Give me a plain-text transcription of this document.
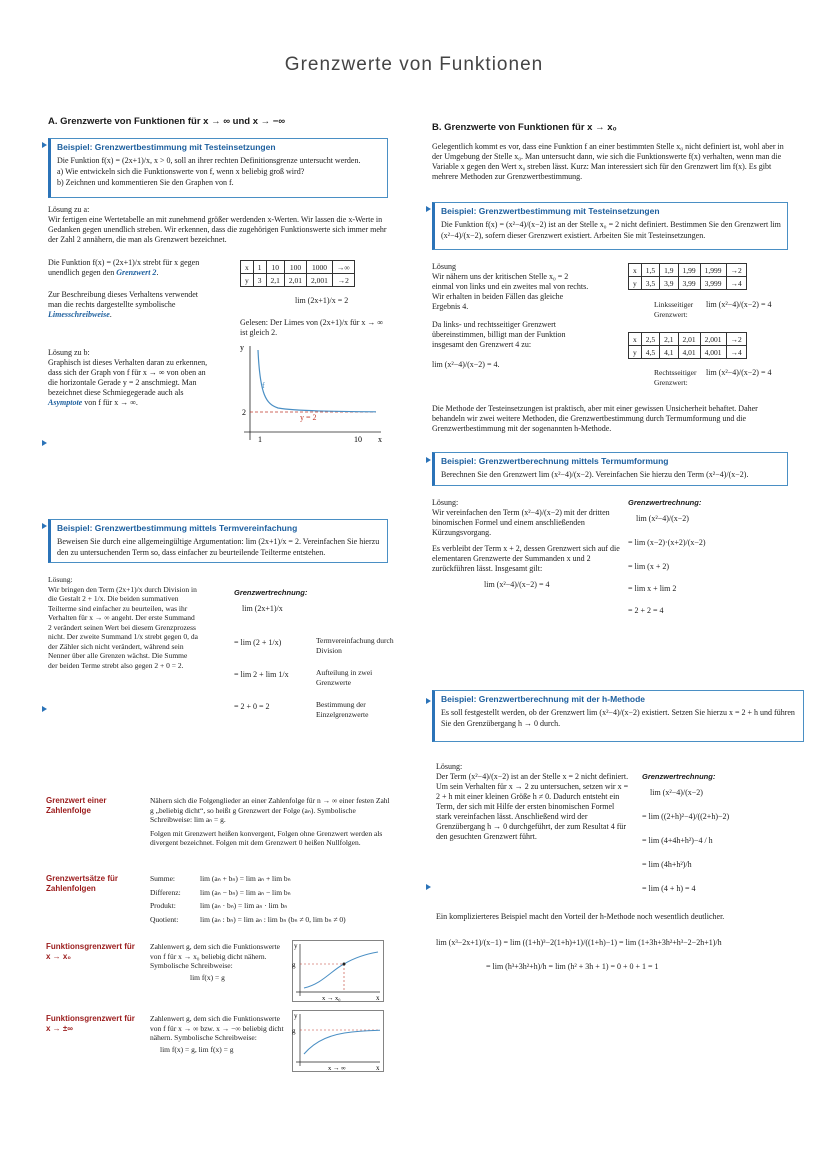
Grenzwerte von Funktionen
A. Grenzwerte von Funktionen für x → ∞ und x → −∞
Beispiel: Grenzwertbestimmung mit Testeinsetzungen
Die Funktion f(x) = (2x+1)/x, x > 0, soll an ihrer rechten Definitionsgrenze untersucht werden.
a) Wie entwickeln sich die Funktionswerte von f, wenn x beliebig groß wird?
b) Zeichnen und kommentieren Sie den Graphen von f.
Lösung zu a:
Wir fertigen eine Wertetabelle an mit zunehmend größer werdenden x-Werten. Wir lassen die x-Werte in Gedanken gegen unendlich streben. Wir erkennen, dass die zugehörigen Funktionswerte sich immer mehr der Zahl 2 annähern, die man als Grenzwert bezeichnet.
Die Funktion f(x) = (2x+1)/x strebt für x gegen unendlich gegen den Grenzwert 2.
Zur Beschreibung dieses Verhaltens verwendet man die rechts dargestellte symbolische Limesschreibweise.
x	1	10	100	1000	→∞
y	3	2,1	2,01	2,001	→2
lim (2x+1)/x = 2
Gelesen: Der Limes von (2x+1)/x für x → ∞ ist gleich 2.
Lösung zu b:
Graphisch ist dieses Verhalten daran zu erkennen, dass sich der Graph von f für x → ∞ von oben an die horizontale Gerade y = 2 anschmiegt. Man bezeichnet diese Schmiegegerade auch als Asymptote von f für x → ∞.
y
x
f
y = 2
2
1	10
Beispiel: Grenzwertbestimmung mittels Termvereinfachung
Beweisen Sie durch eine allgemeingültige Argumentation: lim (2x+1)/x = 2. Vereinfachen Sie hierzu den zu untersuchenden Term so, dass einfacher zu beurteilende Teilterme entstehen.
Lösung:
Wir bringen den Term (2x+1)/x durch Division in die Gestalt 2 + 1/x. Die beiden summativen Teilterme sind einfacher zu beurteilen, was ihr Verhalten für x → ∞ angeht. Der erste Summand 2 verändert seinen Wert bei diesem Grenzprozess nicht. Der zweite Summand 1/x strebt gegen 0, da der Zähler sich nicht verändert, während sein Nenner über alle Grenzen wächst. Die Summe der beiden Terme strebt also gegen 2 + 0 = 2.
Grenzwertrechnung:
lim (2x+1)/x
= lim (2 + 1/x)
= lim 2 + lim 1/x
= 2 + 0 = 2
Termvereinfachung durch Division
Aufteilung in zwei Grenzwerte
Bestimmung der Einzelgrenzwerte
Grenzwert einer Zahlenfolge
Nähern sich die Folgenglieder an einer Zahlenfolge für n → ∞ einer festen Zahl g „beliebig dicht“, so heißt g Grenzwert der Folge (aₙ). Symbolische Schreibweise: lim aₙ = g.
Folgen mit Grenzwert heißen konvergent, Folgen ohne Grenzwert werden als divergent bezeichnet. Folgen mit dem Grenzwert 0 heißen Nullfolgen.
Grenzwertsätze für Zahlenfolgen
Summe:	lim (aₙ + bₙ) = lim aₙ + lim bₙ
Differenz:	lim (aₙ − bₙ) = lim aₙ − lim bₙ
Produkt:	lim (aₙ · bₙ) = lim aₙ · lim bₙ
Quotient:	lim (aₙ : bₙ) = lim aₙ : lim bₙ (bₙ ≠ 0, lim bₙ ≠ 0)
Funktionsgrenzwert für x → x₀
Zahlenwert g, dem sich die Funktionswerte von f für x → x₀ beliebig dicht nähern. Symbolische Schreibweise:
lim f(x) = g
g
y
x
x → x₀
Funktionsgrenzwert für x → ±∞
Zahlenwert g, dem sich die Funktionswerte von f für x → ∞ bzw. x → −∞ beliebig dicht nähern. Symbolische Schreibweise:
lim f(x) = g, lim f(x) = g
g
y
x
x → ∞
B. Grenzwerte von Funktionen für x → x₀
Gelegentlich kommt es vor, dass eine Funktion f an einer bestimmten Stelle x₀ nicht definiert ist, wohl aber in der Umgebung der Stelle x₀. Man untersucht dann, wie sich die Funktionswerte f(x) verhalten, wenn man die Variable x gegen den Wert x₀ streben lässt. Kurz: Man interessiert sich für den Grenzwert lim f(x). Es gibt mehrere Methoden zur Grenzwertbestimmung.
Beispiel: Grenzwertbestimmung mit Testeinsetzungen
Die Funktion f(x) = (x²−4)/(x−2) ist an der Stelle x₀ = 2 nicht definiert. Bestimmen Sie den Grenzwert lim (x²−4)/(x−2), sofern dieser Grenzwert existiert. Arbeiten Sie mit Testeinsetzungen.
Lösung
Wir nähern uns der kritischen Stelle x₀ = 2 einmal von links und ein zweites mal von rechts. Wir erhalten in beiden Fällen das gleiche Ergebnis 4.
Da links- und rechtsseitiger Grenzwert übereinstimmen, billigt man der Funktion insgesamt den Grenzwert 4 zu:
lim (x²−4)/(x−2) = 4.
x	1,5	1,9	1,99	1,999	→2
y	3,5	3,9	3,99	3,999	→4
Linksseitiger Grenzwert:
lim (x²−4)/(x−2) = 4
x	2,5	2,1	2,01	2,001	→2
y	4,5	4,1	4,01	4,001	→4
Rechtsseitiger Grenzwert:
lim (x²−4)/(x−2) = 4
Die Methode der Testeinsetzungen ist praktisch, aber mit einer gewissen Unsicherheit behaftet. Daher behandeln wir zwei weitere Methoden, die Grenzwertbestimmung durch Termumformung und die Grenzwertbestimmung mit der sogenannten h-Methode.
Beispiel: Grenzwertberechnung mittels Termumformung
Berechnen Sie den Grenzwert lim (x²−4)/(x−2). Vereinfachen Sie hierzu den Term (x²−4)/(x−2).
Lösung:
Wir vereinfachen den Term (x²−4)/(x−2) mit der dritten binomischen Formel und einem anschließenden Kürzungsvorgang.
Es verbleibt der Term x + 2, dessen Grenzwert sich auf die elementaren Grenzwerte der Summanden x und 2 zurückführen lässt. Insgesamt gilt:
lim (x²−4)/(x−2) = 4
Grenzwertrechnung:
lim (x²−4)/(x−2)
= lim (x−2)·(x+2)/(x−2)
= lim (x + 2)
= lim x + lim 2
= 2 + 2 = 4
Beispiel: Grenzwertberechnung mit der h-Methode
Es soll festgestellt werden, ob der Grenzwert lim (x²−4)/(x−2) existiert. Setzen Sie hierzu x = 2 + h und führen Sie den Grenzübergang h → 0 durch.
Lösung:
Der Term (x²−4)/(x−2) ist an der Stelle x = 2 nicht definiert. Um sein Verhalten für x → 2 zu untersuchen, setzen wir x = 2 + h mit einer kleinen Größe h ≠ 0. Dadurch entsteht ein Term, der sich mit Hilfe der ersten binomischen Formel stark vereinfachen lässt. Anschließend wird der Grenzübergang h → 0 durchgeführt, der zum Resultat 4 für den gesuchten Grenzwert führt.
Grenzwertrechnung:
lim (x²−4)/(x−2)
= lim ((2+h)²−4)/((2+h)−2)
= lim (4+4h+h²)−4 / h
= lim (4h+h²)/h
= lim (4 + h) = 4
Ein komplizierteres Beispiel macht den Vorteil der h-Methode noch wesentlich deutlicher.
lim (x³−2x+1)/(x−1) = lim ((1+h)³−2(1+h)+1)/((1+h)−1) = lim (1+3h+3h²+h³−2−2h+1)/h
= lim (h³+3h²+h)/h = lim (h² + 3h + 1) = 0 + 0 + 1 = 1
